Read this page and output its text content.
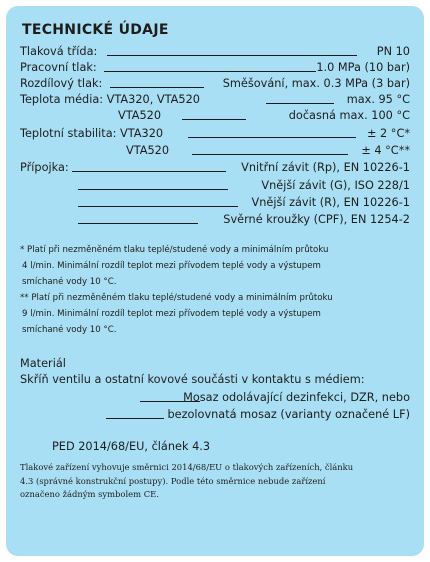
TECHNICKÉ ÚDAJE
Tlaková třída:	PN 10
Pracovní tlak:	1.0 MPa (10 bar)
Rozdílový tlak:	Směšování, max. 0.3 MPa (3 bar)
Teplota média: VTA320, VTA520	max. 95 °C
VTA520	dočasná max. 100 °C
Teplotní stabilita: VTA320	± 2 °C*
VTA520	± 4 °C**
Přípojka:	Vnitřní závit (Rp), EN 10226-1
Vnější závit (G), ISO 228/1
Vnější závit (R), EN 10226-1
Svěrné kroužky (CPF), EN 1254-2
* Platí při nezměněném tlaku teplé/studené vody a minimálním průtoku
4 l/min. Minimální rozdíl teplot mezi přívodem teplé vody a výstupem
smíchané vody 10 °C.
** Platí při nezměněném tlaku teplé/studené vody a minimálním průtoku
9 l/min. Minimální rozdíl teplot mezi přívodem teplé vody a výstupem
smíchané vody 10 °C.
Materiál
Skříň ventilu a ostatní kovové součásti v kontaktu s médiem:
Mosaz odolávající dezinfekci, DZR, nebo
bezolovnatá mosaz (varianty označené LF)
PED 2014/68/EU, článek 4.3
Tlakové zařízení vyhovuje směrnici 2014/68/EU o tlakových zařízeních, článku
4.3 (správné konstrukční postupy). Podle této směrnice nebude zařízení
označeno žádným symbolem CE.
